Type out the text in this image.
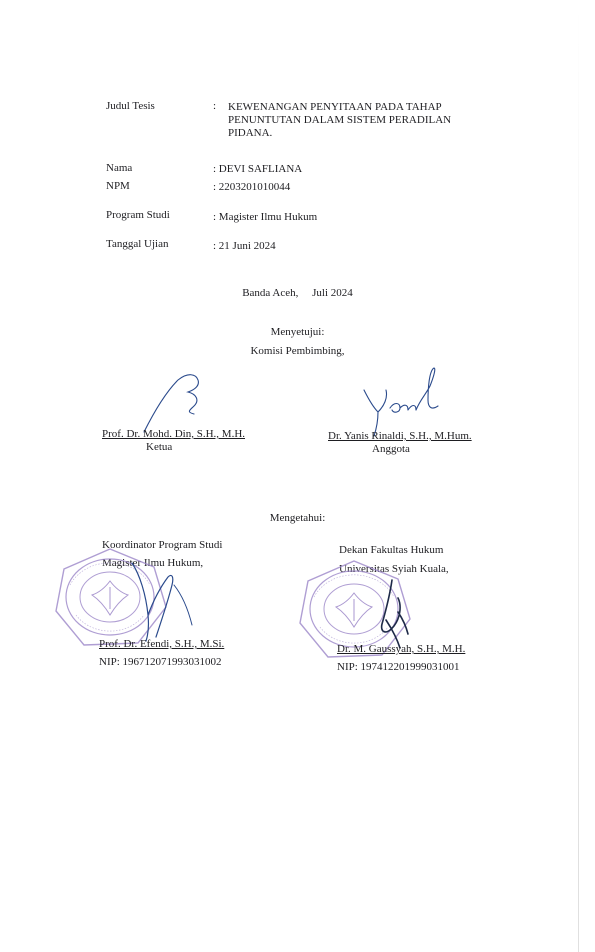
Judul Tesis	: KEWENANGAN PENYITAAN PADA TAHAP
PENUNTUTAN DALAM SISTEM PERADILAN
PIDANA.
Nama	: DEVI SAFLIANA
NPM	: 2203201010044
Program Studi	: Magister Ilmu Hukum
Tanggal Ujian	: 21 Juni 2024
Banda Aceh,     Juli 2024
Menyetujui:
Komisi Pembimbing,
Prof. Dr. Mohd. Din, S.H., M.H.
Ketua
Dr. Yanis Rinaldi, S.H., M.Hum.
Anggota
Mengetahui:
Koordinator Program Studi
Magister Ilmu Hukum,
Prof. Dr. Efendi, S.H., M.Si.
NIP: 196712071993031002
Dekan Fakultas Hukum
Universitas Syiah Kuala,
Dr. M. Gaussyah, S.H., M.H.
NIP: 197412201999031001
